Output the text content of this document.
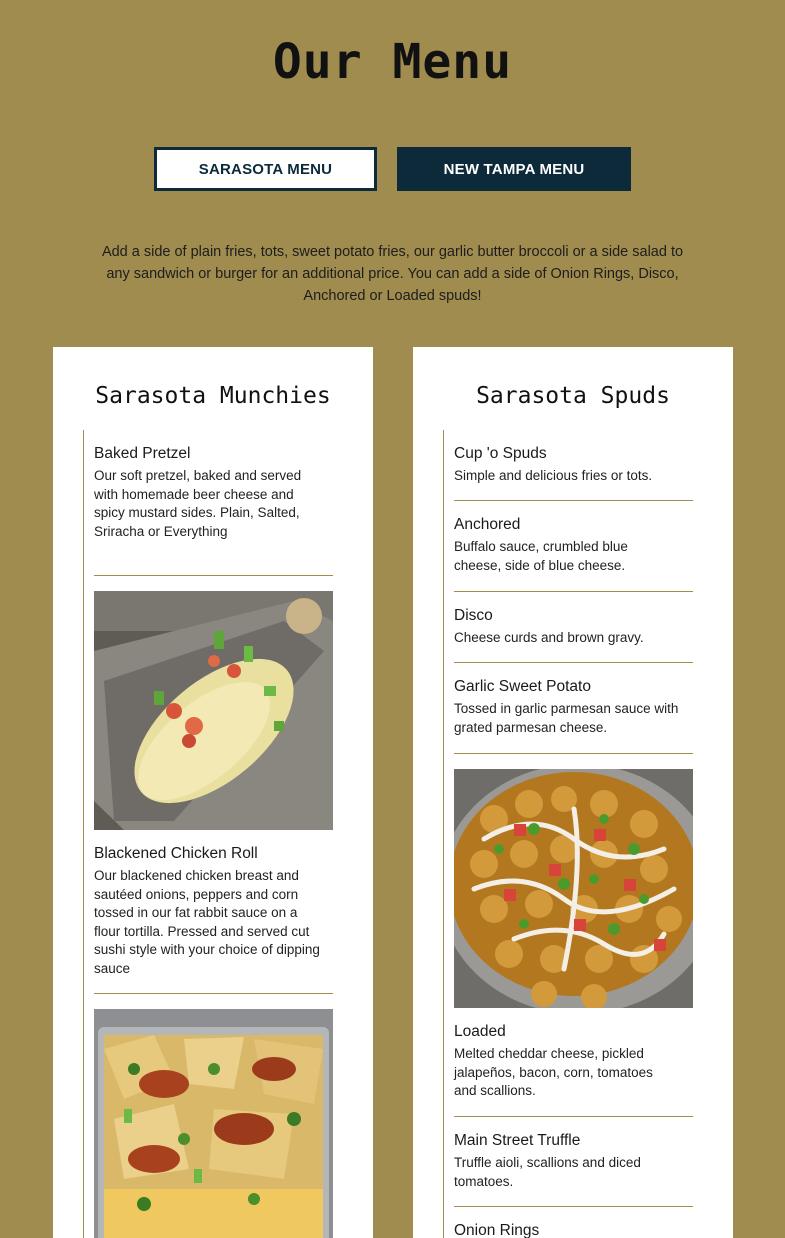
Our Menu
SARASOTA MENU	NEW TAMPA MENU

Add a side of plain fries, tots, sweet potato fries, our garlic butter broccoli or a side salad to any sandwich or burger for an additional price. You can add a side of Onion Rings, Disco, Anchored or Loaded spuds!

Sarasota Munchies
Baked Pretzel
Our soft pretzel, baked and served with homemade beer cheese and spicy mustard sides. Plain, Salted, Sriracha or Everything
Blackened Chicken Roll
Our blackened chicken breast and sautéed onions, peppers and corn tossed in our fat rabbit sauce on a flour tortilla. Pressed and served cut sushi style with your choice of dipping sauce
Sarasota Spuds
Cup 'o Spuds
Simple and delicious fries or tots.
Anchored
Buffalo sauce, crumbled blue cheese, side of blue cheese.
Disco
Cheese curds and brown gravy.
Garlic Sweet Potato
Tossed in garlic parmesan sauce with grated parmesan cheese.
Loaded
Melted cheddar cheese, pickled jalapeños, bacon, corn, tomatoes and scallions.
Main Street Truffle
Truffle aioli, scallions and diced tomatoes.
Onion Rings
